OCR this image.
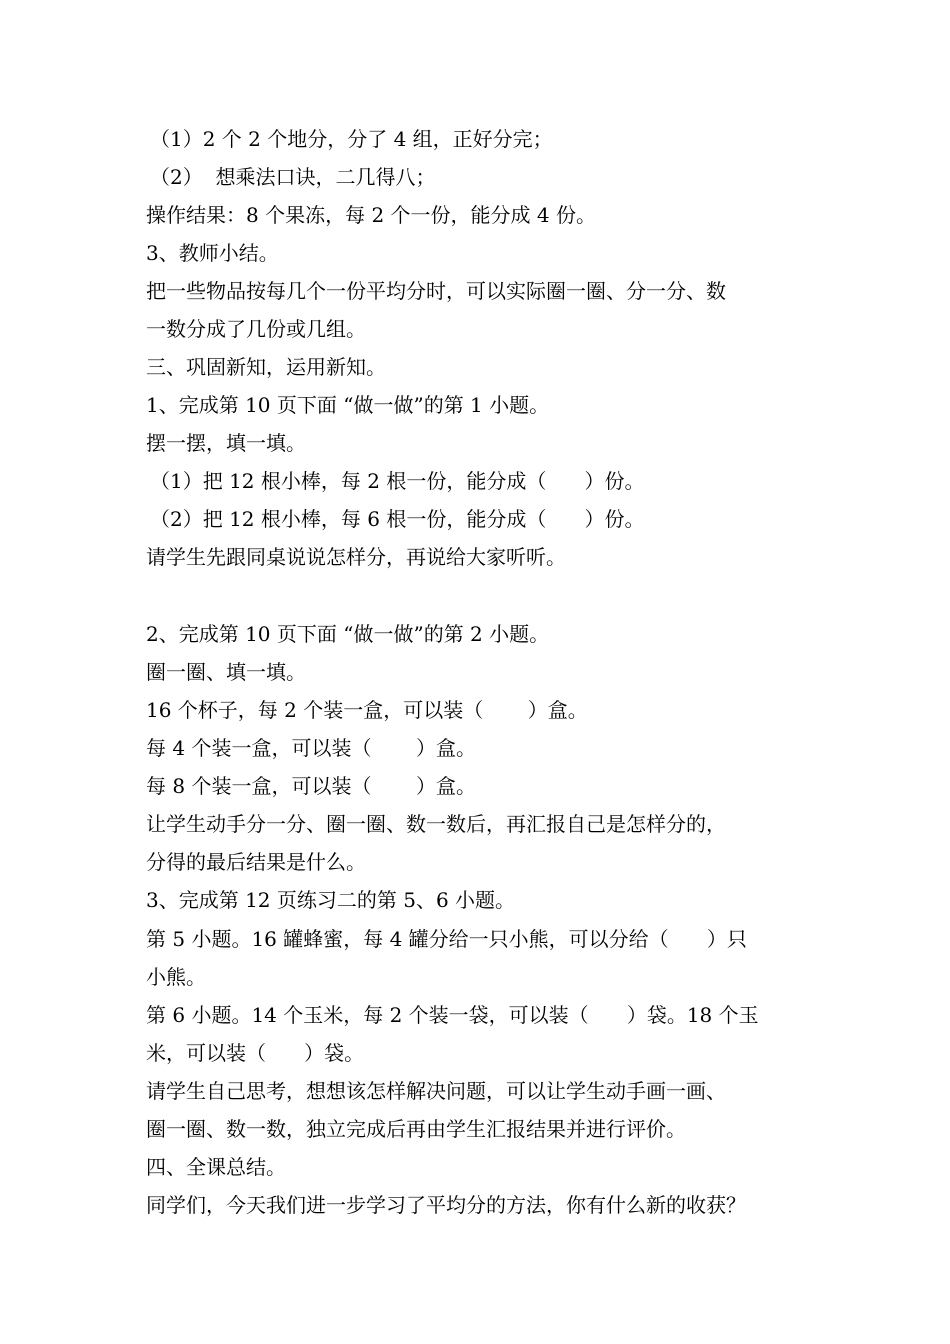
（1）2 个 2 个地分，分了 4 组，正好分完；
（2）  想乘法口诀，二几得八；
操作结果：8 个果冻，每 2 个一份，能分成 4 份。
3、教师小结。
把一些物品按每几个一份平均分时，可以实际圈一圈、分一分、数
一数分成了几份或几组。
三、巩固新知，运用新知。
1、完成第 10 页下面 “做一做”的第 1 小题。
摆一摆，填一填。
（1）把 12 根小棒，每 2 根一份，能分成（      ）份。
（2）把 12 根小棒，每 6 根一份，能分成（      ）份。
请学生先跟同桌说说怎样分，再说给大家听听。
2、完成第 10 页下面 “做一做”的第 2 小题。
圈一圈、填一填。
16 个杯子，每 2 个装一盒，可以装（       ）盒。
每 4 个装一盒，可以装（       ）盒。
每 8 个装一盒，可以装（       ）盒。
让学生动手分一分、圈一圈、数一数后，再汇报自己是怎样分的，
分得的最后结果是什么。
3、完成第 12 页练习二的第 5、6 小题。
第 5 小题。16 罐蜂蜜，每 4 罐分给一只小熊，可以分给（      ）只
小熊。
第 6 小题。14 个玉米，每 2 个装一袋，可以装（      ）袋。18 个玉
米，可以装（      ）袋。
请学生自己思考，想想该怎样解决问题，可以让学生动手画一画、
圈一圈、数一数，独立完成后再由学生汇报结果并进行评价。
四、全课总结。
同学们，今天我们进一步学习了平均分的方法，你有什么新的收获？
